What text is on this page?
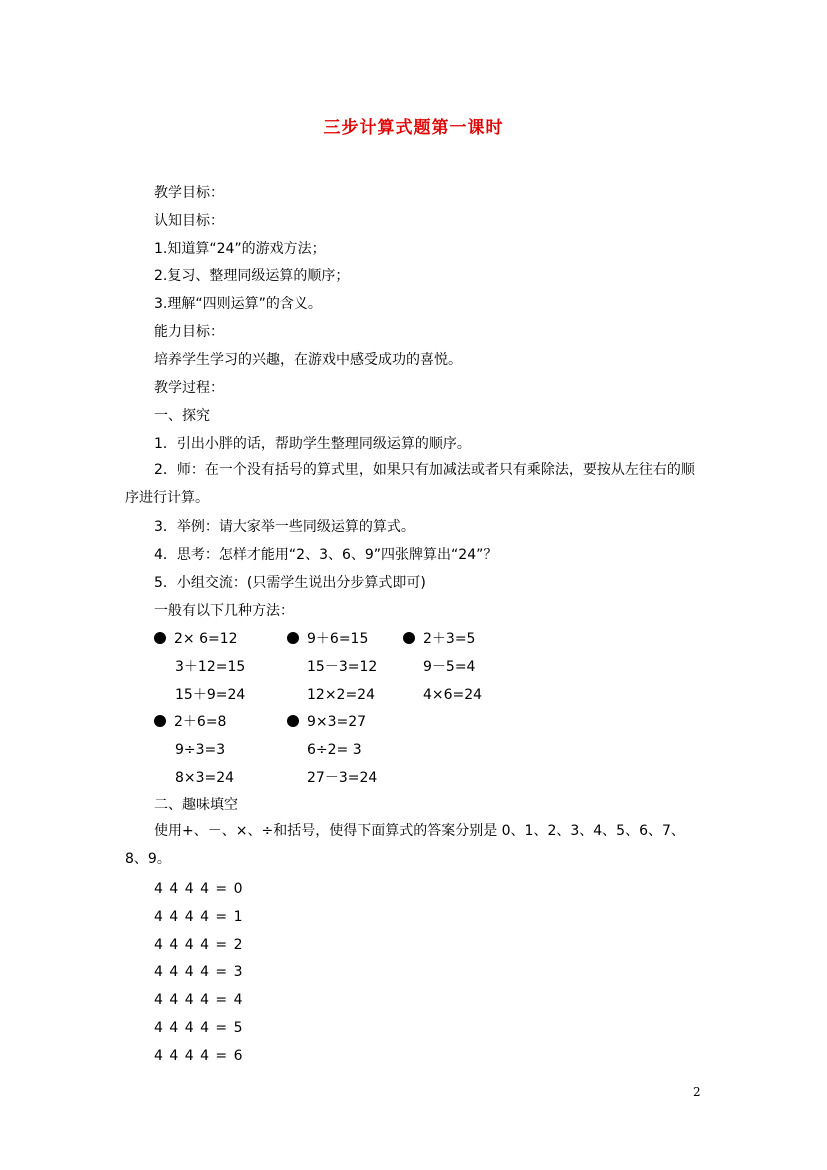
三步计算式题第一课时
教学目标：
认知目标：
1.知道算“24”的游戏方法；
2.复习、整理同级运算的顺序；
3.理解“四则运算”的含义。
能力目标：
培养学生学习的兴趣，在游戏中感受成功的喜悦。
教学过程：
一、探究
1．引出小胖的话，帮助学生整理同级运算的顺序。
2．师：在一个没有括号的算式里，如果只有加减法或者只有乘除法，要按从左往右的顺序进行计算。
3．举例：请大家举一些同级运算的算式。
4．思考：怎样才能用“2、3、6、9”四张牌算出“24”？
5．小组交流：(只需学生说出分步算式即可)
一般有以下几种方法：
2× 6=12
3＋12=15
15＋9=24
9＋6=15
15－3=12
12×2=24
2＋3=5
9－5=4
4×6=24
2＋6=8
9÷3=3
8×3=24
9×3=27
6÷2= 3
27－3=24
二、趣味填空
使用+、－、×、÷和括号，使得下面算式的答案分别是 0、1、2、3、4、5、6、7、8、9。
4 4 4 4 = 0
4 4 4 4 = 1
4 4 4 4 = 2
4 4 4 4 = 3
4 4 4 4 = 4
4 4 4 4 = 5
4 4 4 4 = 6
2
